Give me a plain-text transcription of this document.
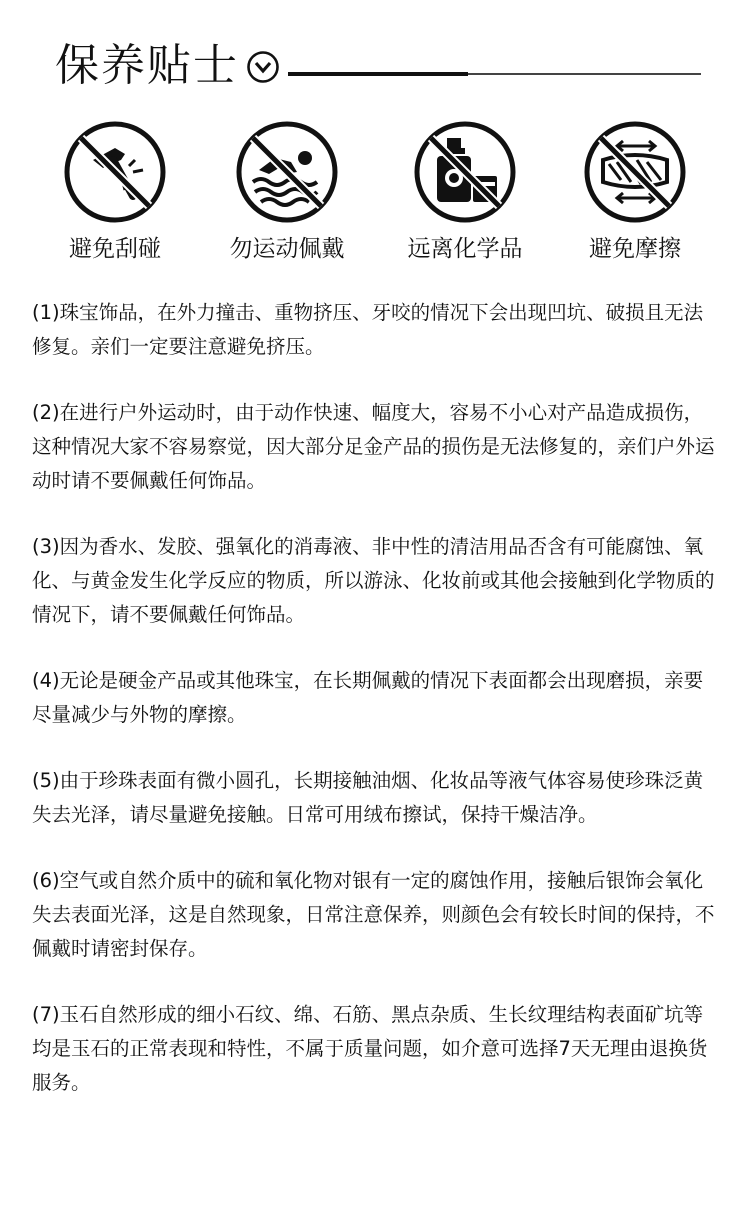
保养贴士
避免刮碰	勿运动佩戴	远离化学品	避免摩擦

(1)珠宝饰品，在外力撞击、重物挤压、牙咬的情况下会出现凹坑、破损且无法修复。亲们一定要注意避免挤压。

(2)在进行户外运动时，由于动作快速、幅度大，容易不小心对产品造成损伤，这种情况大家不容易察觉，因大部分足金产品的损伤是无法修复的，亲们户外运动时请不要佩戴任何饰品。

(3)因为香水、发胶、强氧化的消毒液、非中性的清洁用品否含有可能腐蚀、氧化、与黄金发生化学反应的物质，所以游泳、化妆前或其他会接触到化学物质的情况下，请不要佩戴任何饰品。

(4)无论是硬金产品或其他珠宝，在长期佩戴的情况下表面都会出现磨损，亲要尽量减少与外物的摩擦。

(5)由于珍珠表面有微小圆孔，长期接触油烟、化妆品等液气体容易使珍珠泛黄失去光泽，请尽量避免接触。日常可用绒布擦试，保持干燥洁净。

(6)空气或自然介质中的硫和氧化物对银有一定的腐蚀作用，接触后银饰会氧化失去表面光泽，这是自然现象，日常注意保养，则颜色会有较长时间的保持，不佩戴时请密封保存。

(7)玉石自然形成的细小石纹、绵、石筋、黑点杂质、生长纹理结构表面矿坑等均是玉石的正常表现和特性，不属于质量问题，如介意可选择7天无理由退换货服务。
